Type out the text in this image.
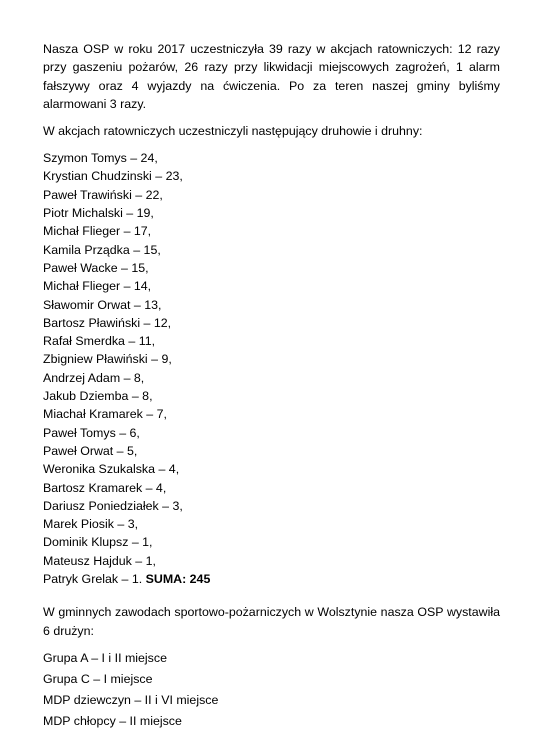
Nasza OSP w roku 2017 uczestniczyła 39 razy w akcjach ratowniczych: 12 razy przy gaszeniu pożarów, 26 razy przy likwidacji miejscowych zagrożeń, 1 alarm fałszywy oraz 4 wyjazdy na ćwiczenia. Po za teren naszej gminy byliśmy alarmowani 3 razy.

W akcjach ratowniczych uczestniczyli następujący druhowie i druhny:

Szymon Tomys – 24,
Krystian Chudzinski – 23,
Paweł Trawiński – 22,
Piotr Michalski – 19,
Michał Flieger – 17,
Kamila Prządka – 15,
Paweł Wacke – 15,
Michał Flieger – 14,
Sławomir Orwat – 13,
Bartosz Pławiński – 12,
Rafał Smerdka – 11,
Zbigniew Pławiński – 9,
Andrzej Adam – 8,
Jakub Dziemba – 8,
Miachał Kramarek – 7,
Paweł Tomys – 6,
Paweł Orwat – 5,
Weronika Szukalska – 4,
Bartosz Kramarek – 4,
Dariusz Poniedziałek – 3,
Marek Piosik – 3,
Dominik Klupsz – 1,
Mateusz Hajduk – 1,
Patryk Grelak – 1. SUMA: 245

W gminnych zawodach sportowo-pożarniczych w Wolsztynie nasza OSP wystawiła 6 drużyn:

Grupa A – I i II miejsce
Grupa C – I miejsce
MDP dziewczyn – II i VI miejsce
MDP chłopcy – II miejsce
